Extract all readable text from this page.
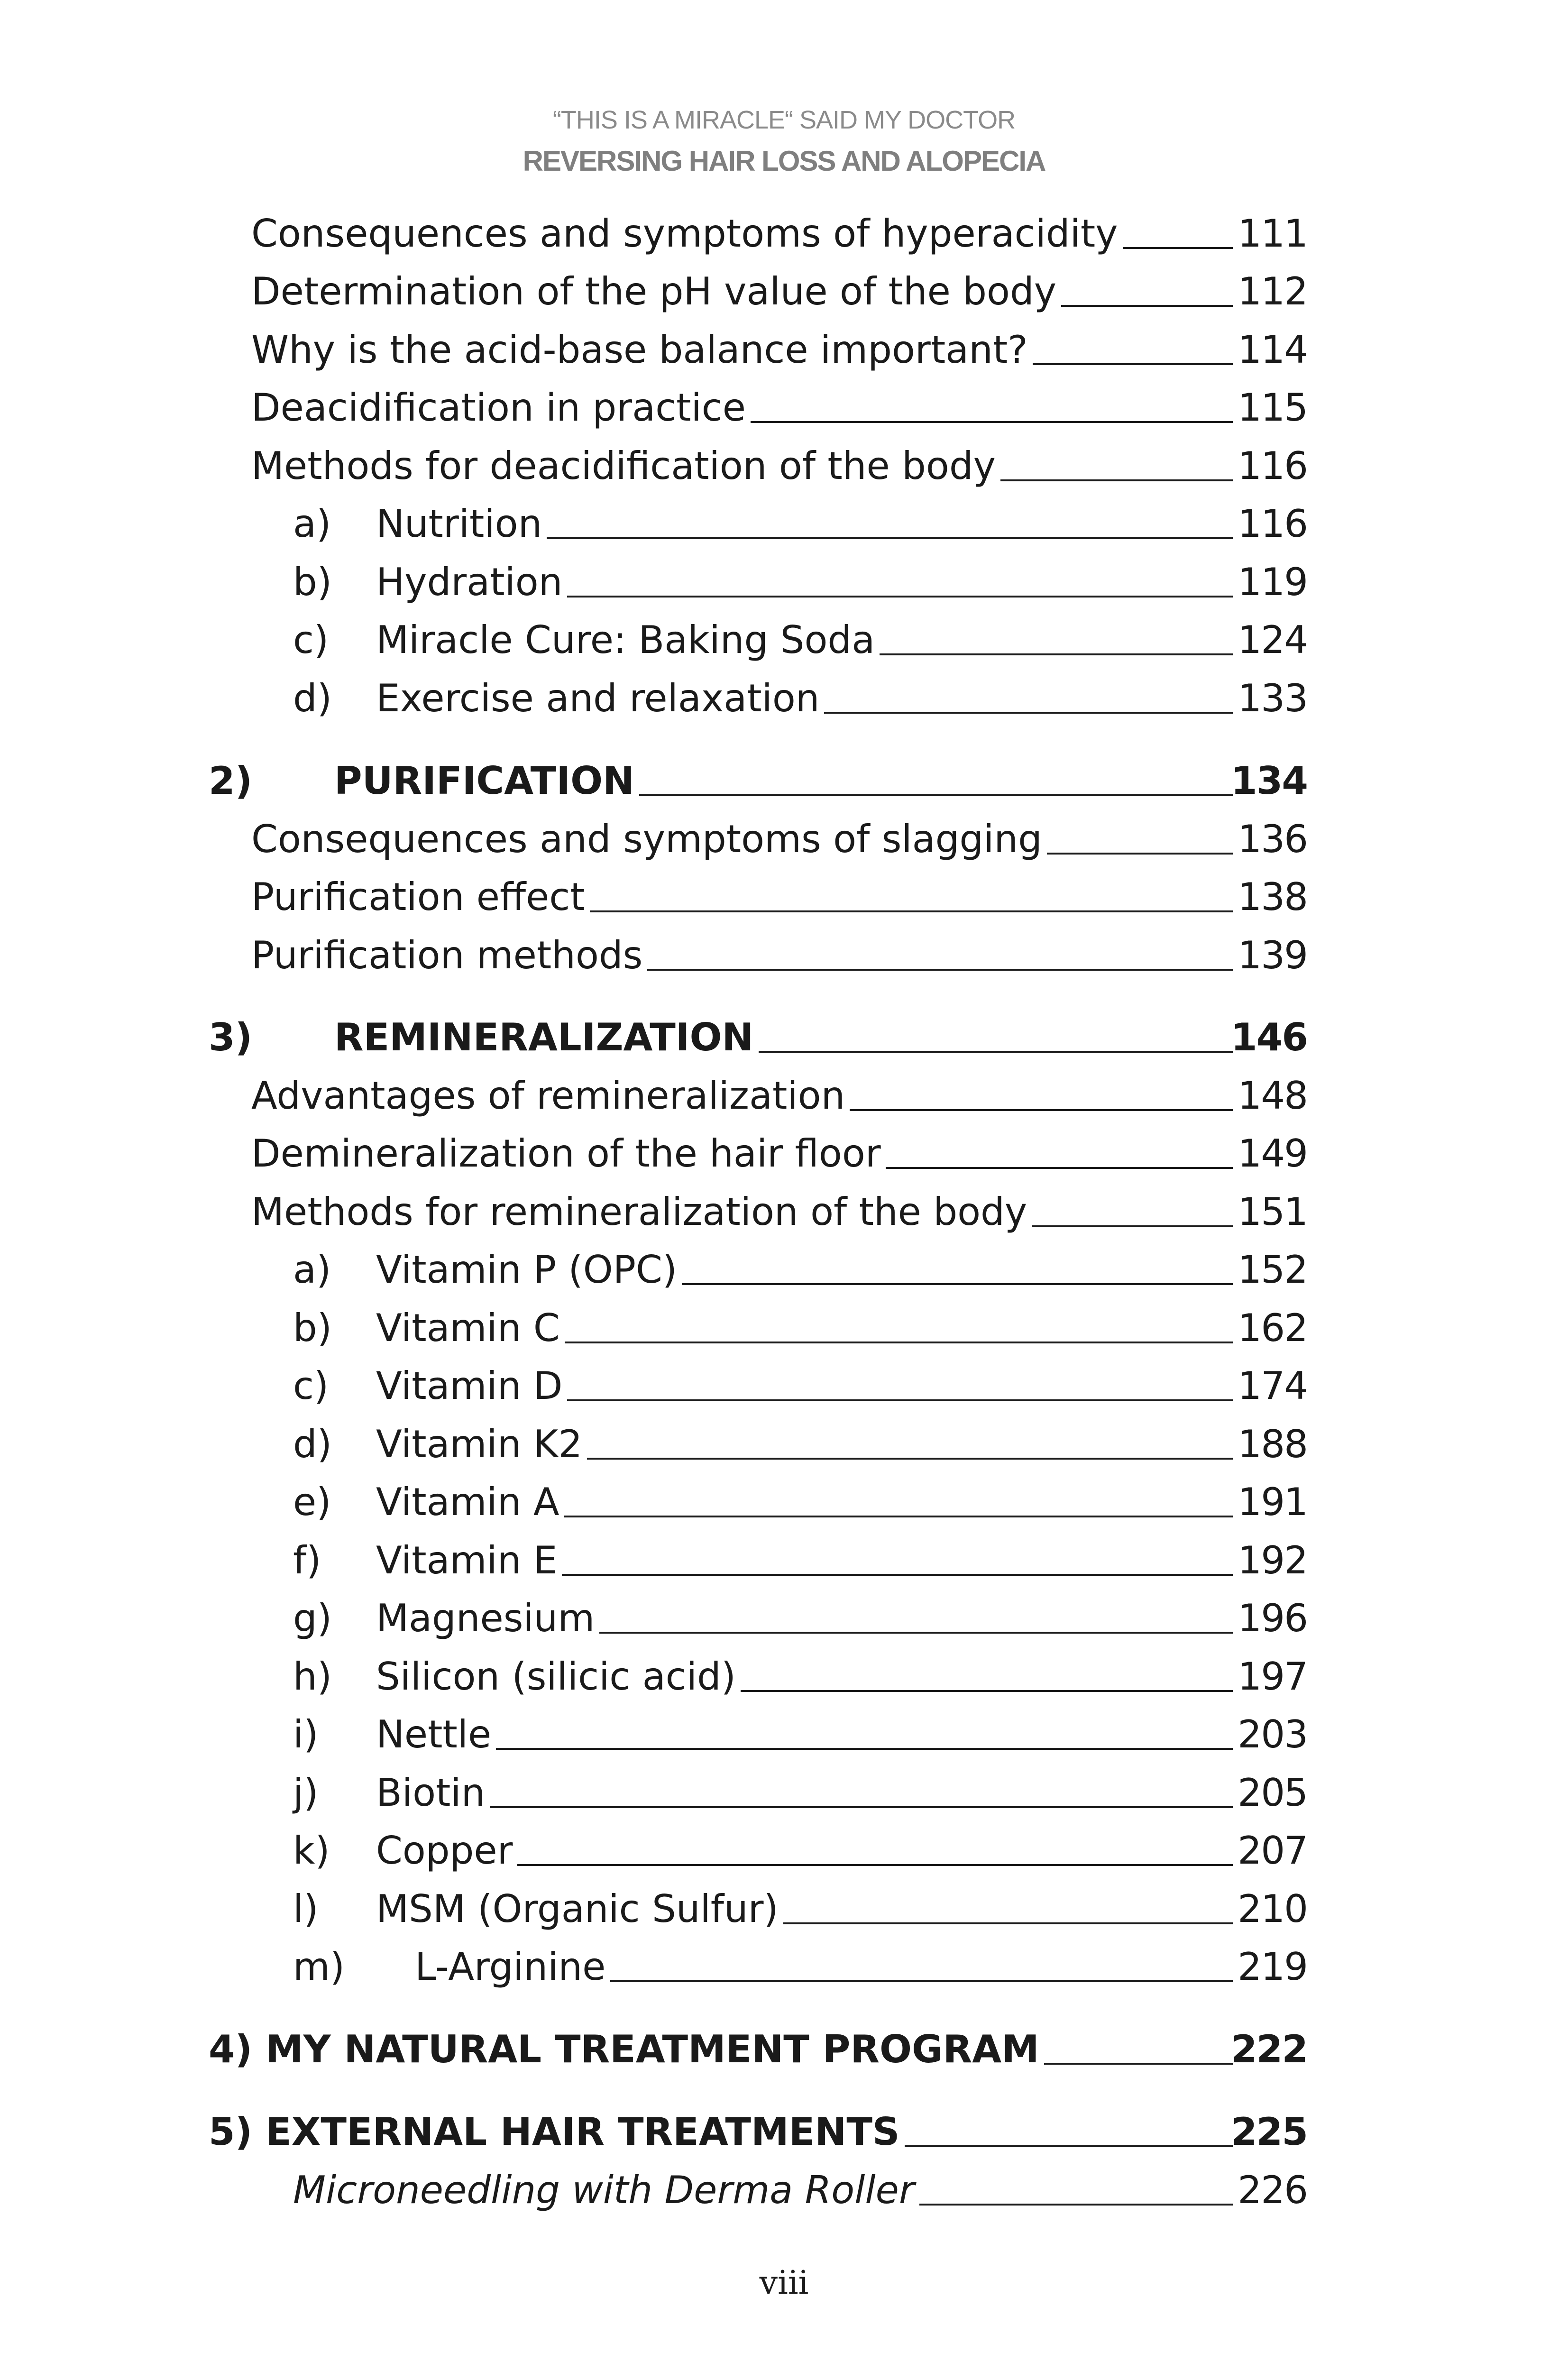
“THIS IS A MIRACLE“ SAID MY DOCTOR
REVERSING HAIR LOSS AND ALOPECIA
Consequences and symptoms of hyperacidity	111
Determination of the pH value of the body	112
Why is the acid-base balance important?	114
Deacidification in practice	115
Methods for deacidification of the body	116
a) Nutrition	116
b) Hydration	119
c) Miracle Cure: Baking Soda	124
d) Exercise and relaxation	133
2) PURIFICATION	134
Consequences and symptoms of slagging	136
Purification effect	138
Purification methods	139
3) REMINERALIZATION	146
Advantages of remineralization	148
Demineralization of the hair floor	149
Methods for remineralization of the body	151
a) Vitamin P (OPC)	152
b) Vitamin C	162
c) Vitamin D	174
d) Vitamin K2	188
e) Vitamin A	191
f) Vitamin E	192
g) Magnesium	196
h) Silicon (silicic acid)	197
i) Nettle	203
j) Biotin	205
k) Copper	207
l) MSM (Organic Sulfur)	210
m) L-Arginine	219
4) MY NATURAL TREATMENT PROGRAM	222
5) EXTERNAL HAIR TREATMENTS	225
Microneedling with Derma Roller	226
viii
